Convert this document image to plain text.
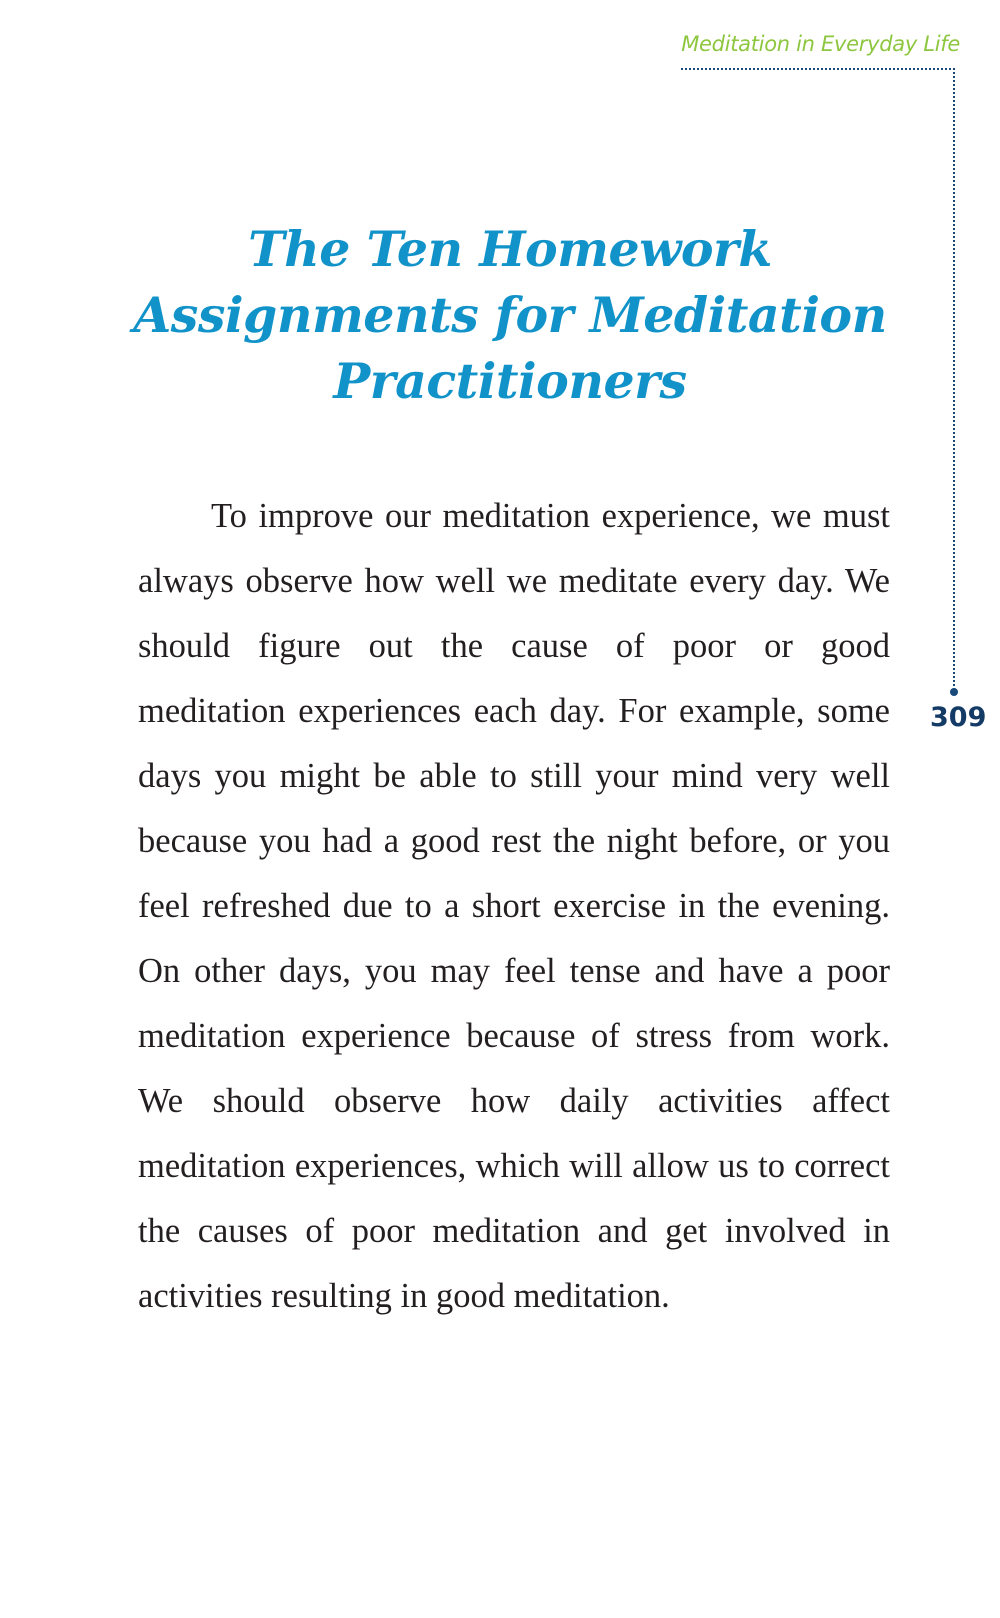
Meditation in Everyday Life
309
The Ten Homework
Assignments for Meditation
Practitioners

To improve our meditation experience, we must always observe how well we meditate every day. We should figure out the cause of poor or good meditation experiences each day. For example, some days you might be able to still your mind very well because you had a good rest the night before, or you feel refreshed due to a short exercise in the evening. On other days, you may feel tense and have a poor meditation experience because of stress from work. We should observe how daily activities affect meditation experiences, which will allow us to correct the causes of poor meditation and get involved in activities resulting in good meditation.
